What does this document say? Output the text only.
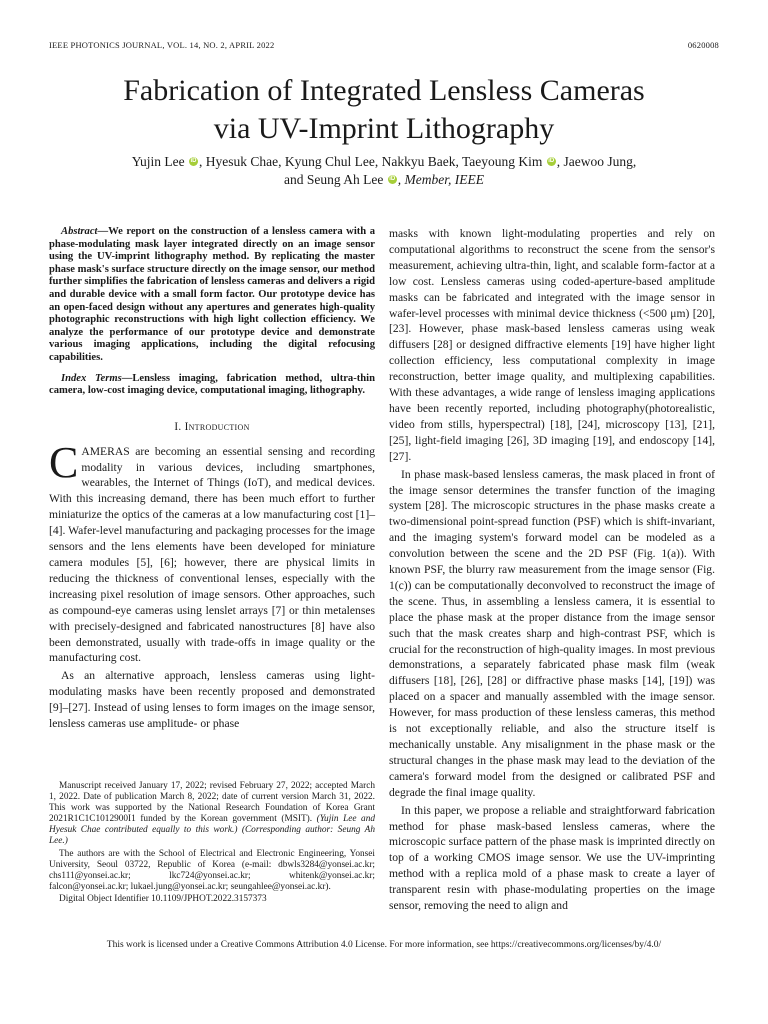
IEEE PHOTONICS JOURNAL, VOL. 14, NO. 2, APRIL 2022	0620008
Fabrication of Integrated Lensless Cameras
via UV-Imprint Lithography
Yujin Lee iD , Hyesuk Chae, Kyung Chul Lee, Nakkyu Baek, Taeyoung Kim iD , Jaewoo Jung,
and Seung Ah Lee iD , Member, IEEE

Abstract—We report on the construction of a lensless camera with a phase-modulating mask layer integrated directly on an image sensor using the UV-imprint lithography method. By replicating the master phase mask's surface structure directly on the image sensor, our method further simplifies the fabrication of lensless cameras and delivers a rigid and durable device with a small form factor. Our prototype device has an open-faced design without any apertures and generates high-quality photographic reconstructions with high light collection efficiency. We analyze the performance of our prototype device and demonstrate various imaging applications, including the digital refocusing capabilities.

Index Terms—Lensless imaging, fabrication method, ultra-thin camera, low-cost imaging device, computational imaging, lithography.

I. Introduction

CAMERAS are becoming an essential sensing and recording modality in various devices, including smartphones, wearables, the Internet of Things (IoT), and medical devices. With this increasing demand, there has been much effort to further miniaturize the optics of the cameras at a low manufacturing cost [1]–[4]. Wafer-level manufacturing and packaging processes for the image sensors and the lens elements have been developed for miniature camera modules [5], [6]; however, there are physical limits in reducing the thickness of conventional lenses, especially with the increasing pixel resolution of image sensors. Other approaches, such as compound-eye cameras using lenslet arrays [7] or thin metalenses with precisely-designed and fabricated nanostructures [8] have also been demonstrated, usually with trade-offs in image quality or the manufacturing cost.

As an alternative approach, lensless cameras using light-modulating masks have been recently proposed and demonstrated [9]–[27]. Instead of using lenses to form images on the image sensor, lensless cameras use amplitude- or phase

Manuscript received January 17, 2022; revised February 27, 2022; accepted March 1, 2022. Date of publication March 8, 2022; date of current version March 31, 2022. This work was supported by the National Research Foundation of Korea Grant 2021R1C1C1012900I1 funded by the Korean government (MSIT). (Yujin Lee and Hyesuk Chae contributed equally to this work.) (Corresponding author: Seung Ah Lee.)

The authors are with the School of Electrical and Electronic Engineering, Yonsei University, Seoul 03722, Republic of Korea (e-mail: dbwls3284@yonsei.ac.kr; chs111@yonsei.ac.kr; lkc724@yonsei.ac.kr; whitenk@yonsei.ac.kr; falcon@yonsei.ac.kr; lukael.jung@yonsei.ac.kr; seungahlee@yonsei.ac.kr).

Digital Object Identifier 10.1109/JPHOT.2022.3157373

masks with known light-modulating properties and rely on computational algorithms to reconstruct the scene from the sensor's measurement, achieving ultra-thin, light, and scalable form-factor at a low cost. Lensless cameras using coded-aperture-based amplitude masks can be fabricated and integrated with the image sensor in wafer-level processes with minimal device thickness (<500 μm) [20], [23]. However, phase mask-based lensless cameras using weak diffusers [28] or designed diffractive elements [19] have higher light collection efficiency, less computational complexity in image reconstruction, better image quality, and multiplexing capabilities. With these advantages, a wide range of lensless imaging applications have been recently reported, including photography(photorealistic, video from stills, hyperspectral) [18], [24], microscopy [13], [21], [25], light-field imaging [26], 3D imaging [19], and endoscopy [14], [27].

In phase mask-based lensless cameras, the mask placed in front of the image sensor determines the transfer function of the imaging system [28]. The microscopic structures in the phase masks create a two-dimensional point-spread function (PSF) which is shift-invariant, and the imaging system's forward model can be modeled as a convolution between the scene and the 2D PSF (Fig. 1(a)). With known PSF, the blurry raw measurement from the image sensor (Fig. 1(c)) can be computationally deconvolved to reconstruct the image of the scene. Thus, in assembling a lensless camera, it is essential to place the phase mask at the proper distance from the image sensor such that the mask creates sharp and high-contrast PSF, which is crucial for the reconstruction of high-quality images. In most previous demonstrations, a separately fabricated phase mask film (weak diffusers [18], [26], [28] or diffractive phase masks [14], [19]) was placed on a spacer and manually assembled with the image sensor. However, for mass production of these lensless cameras, this method is not exceptionally reliable, and also the structure itself is mechanically unstable. Any misalignment in the phase mask or the structural changes in the phase mask may lead to the deviation of the camera's forward model from the designed or calibrated PSF and degrade the final image quality.

In this paper, we propose a reliable and straightforward fabrication method for phase mask-based lensless cameras, where the microscopic surface pattern of the phase mask is imprinted directly on top of a working CMOS image sensor. We use the UV-imprinting method with a replica mold of a phase mask to create a layer of transparent resin with phase-modulating properties on the image sensor, removing the need to align and

This work is licensed under a Creative Commons Attribution 4.0 License. For more information, see https://creativecommons.org/licenses/by/4.0/
